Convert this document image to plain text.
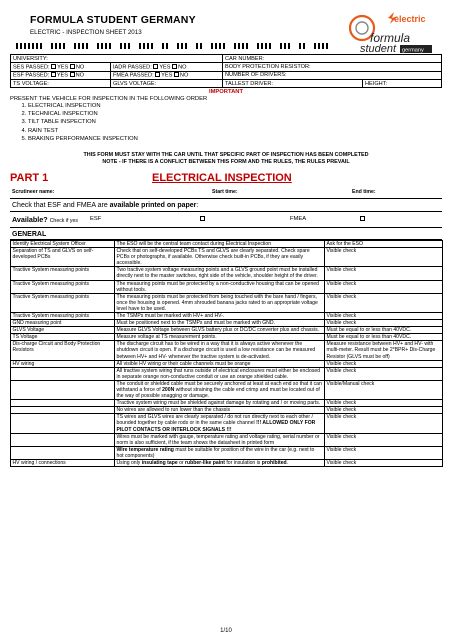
FORMULA STUDENT GERMANY
ELECTRIC - INSPECTION SHEET 2013
electric
formula
student germany
UNIVERSITY:		CAR NUMBER:	
SES PASSED: YES NO	IADR PASSED: YES NO	BODY PROTECTION RESISTOR:	
ESF PASSED: YES NO	FMEA PASSED: YES NO	NUMBER OF DRIVERS:	
TS VOLTAGE:	GLVS VOLTAGE:	TALLEST DRIVER:	HEIGHT:
IMPORTANT
PRESENT THE VEHICLE FOR INSPECTION IN THE FOLLOWING ORDER
1. ELECTRICAL INSPECTION
2. TECHNICAL INSPECTION
3. TILT TABLE INSPECTION
4. RAIN TEST
5. BRAKING PERFORMANCE INSPECTION
THIS FORM MUST STAY WITH THE CAR UNTIL THAT SPECIFIC PART OF INSPECTION HAS BEEN COMPLETED
NOTE - IF THERE IS A CONFLICT BETWEEN THIS FORM AND THE RULES, THE RULES PREVAIL
PART 1	ELECTRICAL INSPECTION
Scrutineer name:	Start time:	End time:
Check that ESF and FMEA are available printed on paper:
Available? Check if yes	ESF	FMEA
GENERAL
Identify Electrical System Officer	The ESO will be the central team contact during Electrical Inspection	Ask for the ESO
Separation of TS and GLVS on self-developed PCBs	Check that on self-developed PCBs TS and GLVS are clearly separated. Check spare PCBs or photographs, if available. Otherwise check built-in PCBs, if they are easily accessible.	Visible check
Tractive System measuring points	Two tractive system voltage measuring points and a GLVS ground point must be installed directly next to the master switches, right side of the vehicle, shoulder height of the driver.	Visible check
Tractive System measuring points	The measuring points must be protected by a non-conductive housing that can be opened without tools.	Visible check
Tractive System measuring points	The measuring points must be protected from being touched with the bare hand / fingers, once the housing is opened. 4mm shrouded banana jacks rated to an appropriate voltage level have to be used.	Visible check
Tractive System measuring points	The TSMPs must be marked with HV+ and HV-.	Visible check
GND measuring point	Must be positioned next to the TSMPs and must be marked with GND.	Visible check
GLVS Voltage	Measure GLVS Voltage between GLVS battery plus or DC/DC converter plus and chassis.	Must be equal to or less than 40VDC.
TS Voltage	Measure voltage at TS measurement points.	Must be equal to or less than 40VDC.
Dis-charge Circuit and Body Protection Resistors	The discharge circuit has to be wired in a way that it is always active whenever the shutdown circuit is open. If a discharge circuit is used a low resistance can be measured between HV+ and HV- whenever the tractive system is de-activated.	Measure resistance between HV+ and HV- with multi-meter. Result must be 2*BPR+ Dis-Charge Resistor (GLVS must be off)
HV wiring	All visible HV wiring or their cable channels must be orange	Visible check
	All tractive system wiring that runs outside of electrical enclosures must either be enclosed in separate orange non-conductive conduit or use an orange shielded cable.	Visible check
	The conduit or shielded cable must be securely anchored at least at each end so that it can withstand a force of 200N without straining the cable end crimp and must be located out of the way of possible snagging or damage.	Visible/Manual check
	Tractive system wiring must be shielded against damage by rotating and / or moving parts.	Visible check
	No wires are allowed to run lower than the chassis	Visible check
	TS wires and GLVS wires are clearly separated / do not run directly next to each other / bounded together by cable rods or in the same cable channel !!! ALLOWED ONLY FOR PILOT CONTACTS OR INTERLOCK SIGNALS !!!	Visible check
	Wires must be marked with gauge, temperature rating and voltage rating, serial number or norm is also sufficient, if the team shows the datasheet in printed form	Visible check
	Wire temperature rating must be suitable for position of the wire in the car (e.g. next to hot components)	Visible check
HV wiring / connections	Using only insulating tape or rubber-like paint for insulation is prohibited.	Visible check
1/10
